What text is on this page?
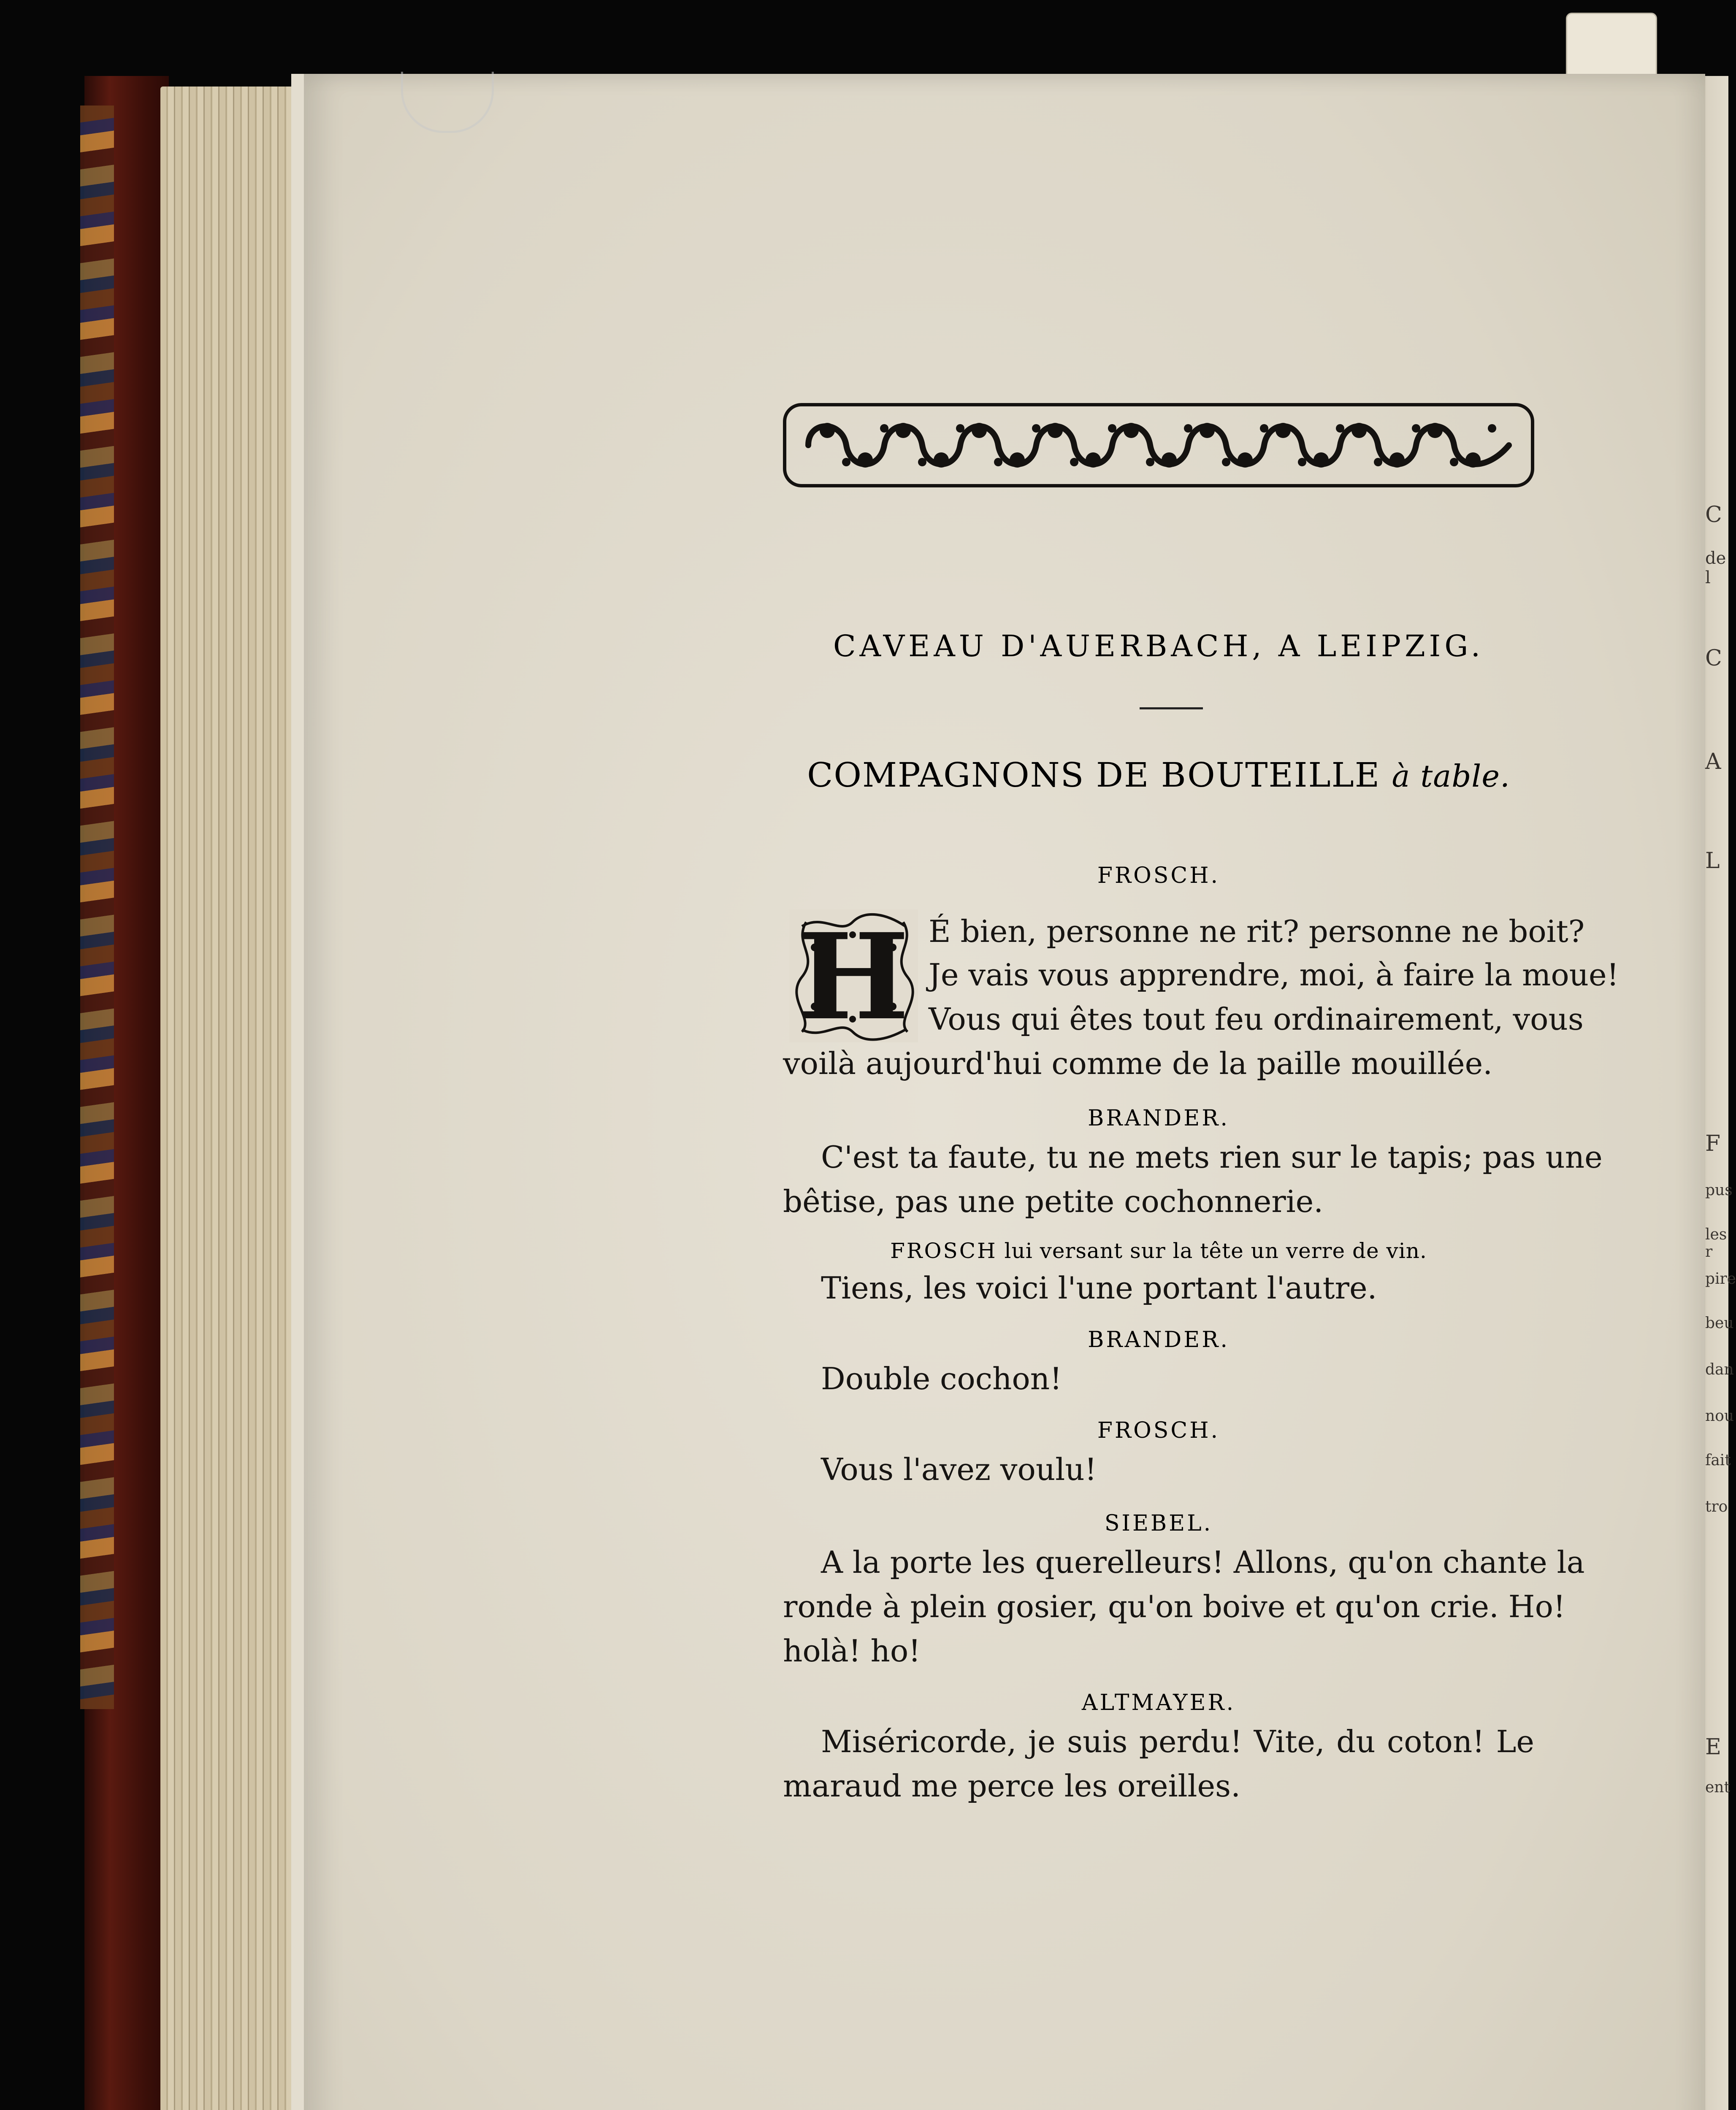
CAVEAU D'AUERBACH, A LEIPZIG.
COMPAGNONS DE BOUTEILLE à table.
FROSCH.
H É bien, personne ne rit? personne ne boit?
Je vais vous apprendre, moi, à faire la moue!
Vous qui êtes tout feu ordinairement, vous
voilà aujourd'hui comme de la paille mouillée.
BRANDER.
C'est ta faute, tu ne mets rien sur le tapis; pas une
bêtise, pas une petite cochonnerie.
FROSCH lui versant sur la tête un verre de vin.
Tiens, les voici l'une portant l'autre.
BRANDER.
Double cochon!
FROSCH.
Vous l'avez voulu!
SIEBEL.
A la porte les querelleurs! Allons, qu'on chante la
ronde à plein gosier, qu'on boive et qu'on crie. Ho!
holà! ho!
ALTMAYER.
Miséricorde, je suis perdu! Vite, du coton! Le
maraud me perce les oreilles.
C
de l
C
A
L
F
pus
les r
pire
beu
dan
nou
fait
tro
E
ent
